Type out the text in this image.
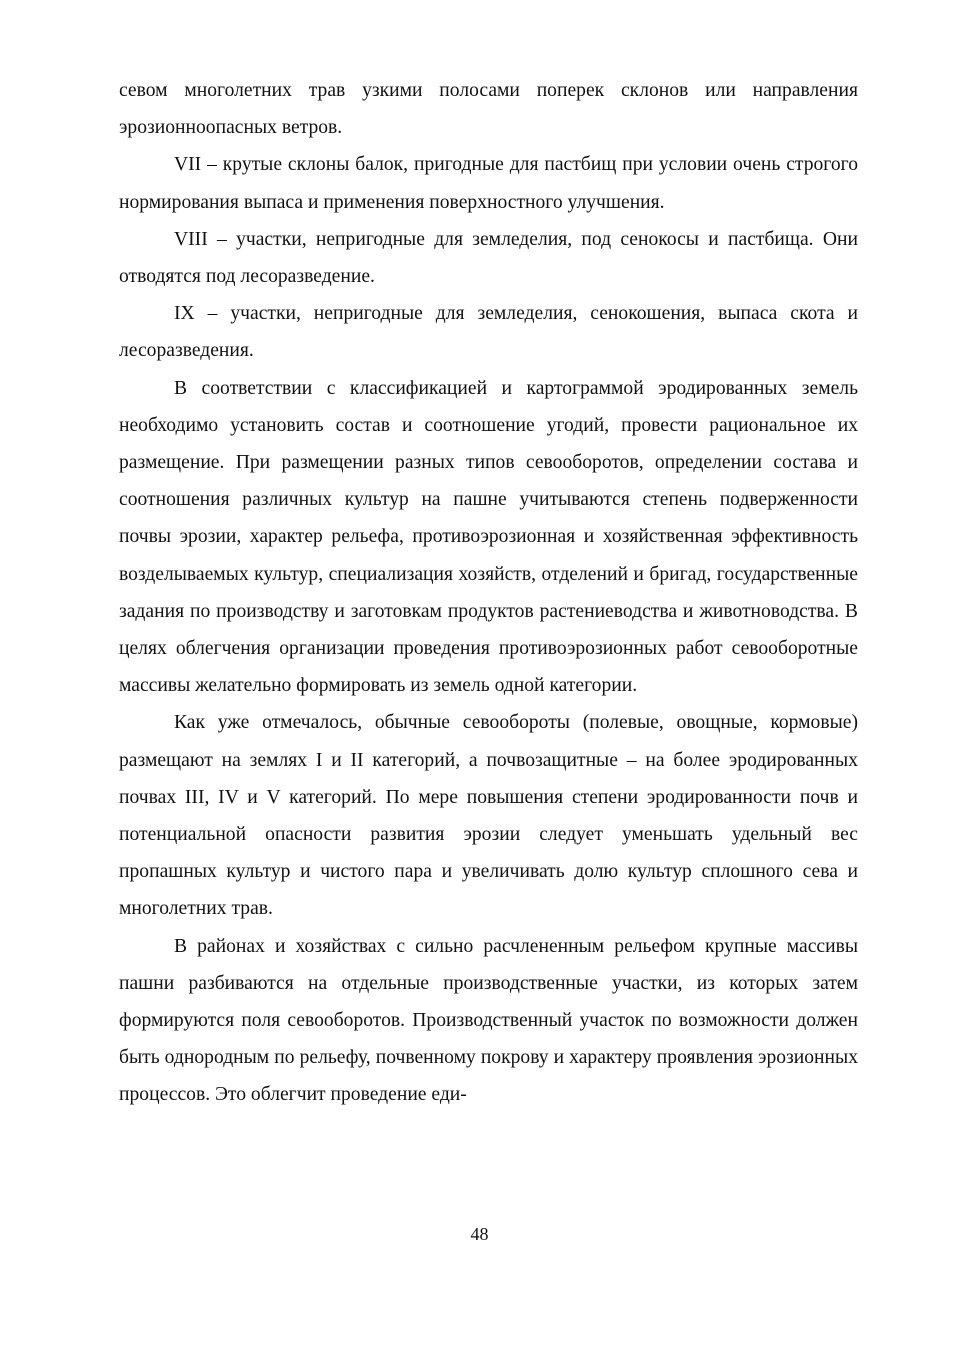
севом многолетних трав узкими полосами поперек склонов или направления эрозионноопасных ветров.

VII – крутые склоны балок, пригодные для пастбищ при условии очень строгого нормирования выпаса и применения поверхностного улучшения.

VIII – участки, непригодные для земледелия, под сенокосы и пастбища. Они отводятся под лесоразведение.

IX – участки, непригодные для земледелия, сенокошения, выпаса скота и лесоразведения.

В соответствии с классификацией и картограммой эродированных земель необходимо установить состав и соотношение угодий, провести рациональное их размещение. При размещении разных типов севооборотов, определении состава и соотношения различных культур на пашне учитываются степень подверженности почвы эрозии, характер рельефа, противоэрозионная и хозяйственная эффективность возделываемых культур, специализация хозяйств, отделений и бригад, государственные задания по производству и заготовкам продуктов растениеводства и животноводства. В целях облегчения организации проведения противоэрозионных работ севооборотные массивы желательно формировать из земель одной категории.

Как уже отмечалось, обычные севообороты (полевые, овощные, кормовые) размещают на землях I и II категорий, а почвозащитные – на более эродированных почвах III, IV и V категорий. По мере повышения степени эродированности почв и потенциальной опасности развития эрозии следует уменьшать удельный вес пропашных культур и чистого пара и увеличивать долю культур сплошного сева и многолетних трав.

В районах и хозяйствах с сильно расчлененным рельефом крупные массивы пашни разбиваются на отдельные производственные участки, из которых затем формируются поля севооборотов. Производственный участок по возможности должен быть однородным по рельефу, почвенному покрову и характеру проявления эрозионных процессов. Это облегчит проведение еди-

48
